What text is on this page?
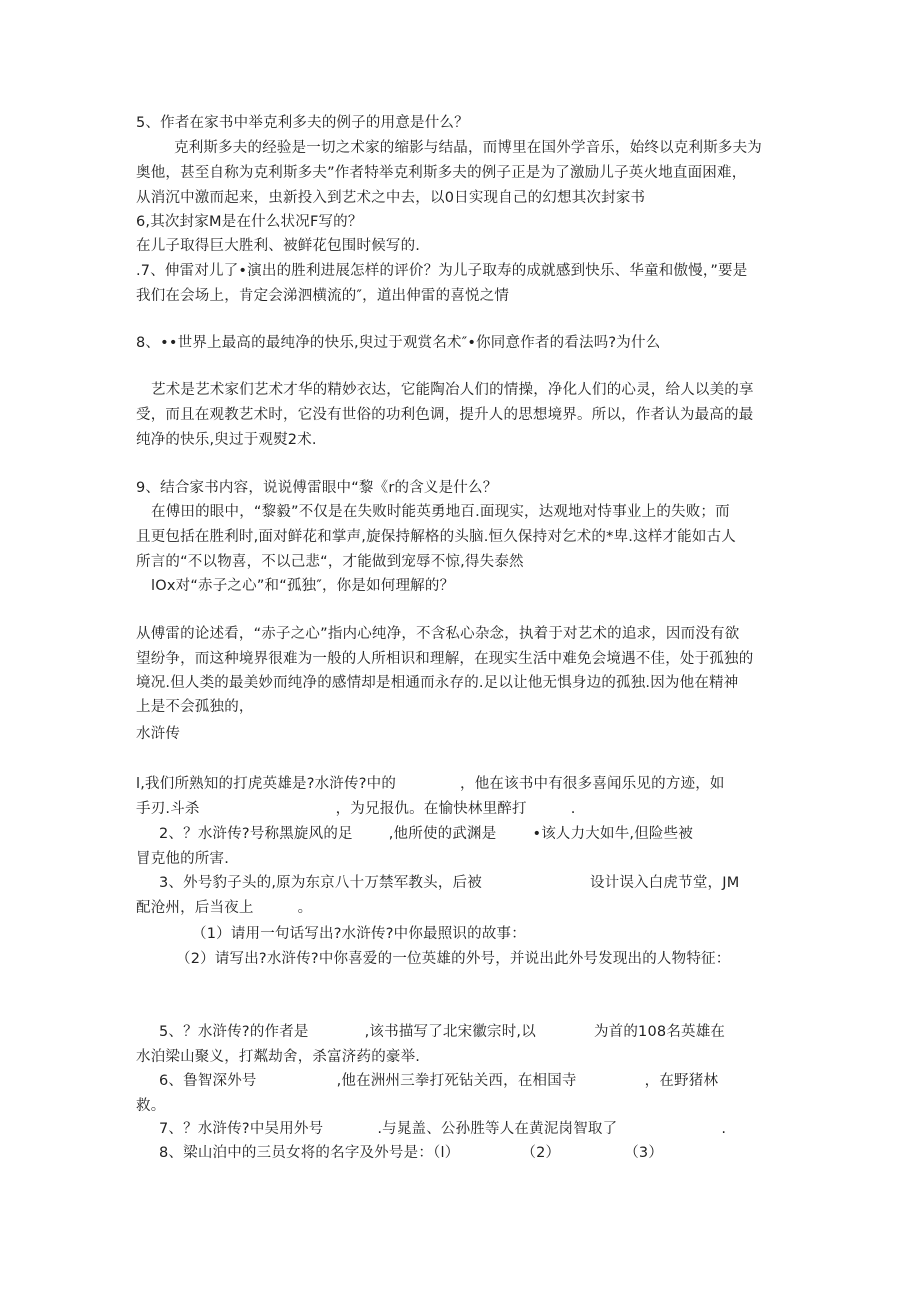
5、作者在家书中举克利多夫的例子的用意是什么？
克利斯多夫的经验是一切之术家的缩影与结晶，而博里在国外学音乐，始终以克利斯多夫为
奥他，甚至自称为克利斯多夫”作者特举克利斯多夫的例子正是为了激励儿子英火地直面困难，
从消沉中激而起来，虫新投入到艺术之中去，以0日实现自己的幻想其次封家书
6,其次封家M是在什么状况F写的？
在儿子取得巨大胜利、被鲜花包围时候写的.
.7、伸雷对儿了•演出的胜利进展怎样的评价？为儿子取寿的成就感到快乐、华童和傲慢，”要是
我们在会场上，肯定会涕泗横流的″，道出伸雷的喜悦之情
8、••世界上最高的最纯净的快乐,臾过于观赏名术″•你同意作者的看法吗?为什么
艺术是艺术家们艺术才华的精妙衣达，它能陶冶人们的情操，净化人们的心灵，给人以美的享
受，而且在观教艺术时，它没有世俗的功利色调，提升人的思想境界。所以，作者认为最高的最
纯净的快乐,臾过于观熨2术.
9、结合家书内容，说说傅雷眼中“黎《r的含义是什么？
在傅田的眼中，“黎毅”不仅是在失败时能英勇地百.面现实，达观地对恃事业上的失败；而
且更包括在胜利时,面对鲜花和掌声,旋保持解格的头脑.恒久保持对乞术的*卑.这样才能如古人
所言的“不以物喜，不以己悲“，才能做到宠辱不惊,得失泰然
lOx对“赤子之心”和“孤独″，你是如何理解的？
从傅雷的论述看，“赤子之心”指内心纯净，不含私心杂念，执着于对艺术的追求，因而没有欲
望纷争，而这种境界很难为一般的人所相识和理解，在现实生活中难免会境遇不佳，处于孤独的
境况.但人类的最美妙而纯净的感情却是相通而永存的.足以让他无惧身边的孤独.因为他在精神
上是不会孤独的，
水浒传
l,我们所熟知的打虎英雄是?水浒传?中的	，他在该书中有很多喜闻乐见的方迹，如
手刃.斗杀	，为兄报仇。在愉快林里醉打	.
2、？水浒传?号称黑旋风的足 ,他所使的武渊是 •该人力大如牛,但险些被
冒克他的所害.
3、外号豹子头的,原为东京八十万禁军教头，后被	设计误入白虎节堂，JM
配沧州，后当夜上	。
（1）请用一句话写出?水浒传?中你最照识的故事：
（2）请写出?水浒传?中你喜爱的一位英雄的外号，并说出此外号发现出的人物特征：
5、？水浒传?的作者是	,该书描写了北宋徽宗时,以	为首的108名英雄在
水泊梁山聚义，打粼劫舍，杀富济药的豪举.
6、鲁智深外号	,他在洲州三拳打死钻关西，在相国寺	，在野猪林
救。
7、？水浒传?中吴用外号	.与晁盖、公孙胜等人在黄泥岗智取了	.
8、梁山泊中的三员女将的名字及外号是：（l）	（2）	（3）
